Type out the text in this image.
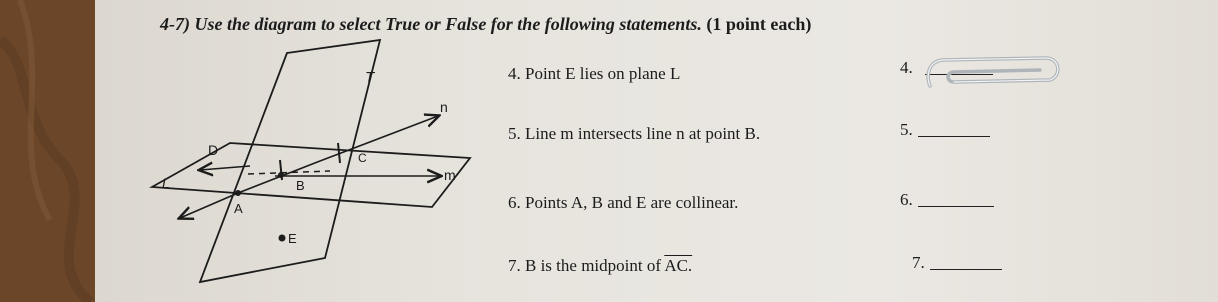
4-7) Use the diagram to select True or False for the following statements. (1 point each)
T
L
n
m
D	C
B
A
E
4. Point E lies on plane L
5. Line m intersects line n at point B.
6. Points A, B and E are collinear.
7. B is the midpoint of AC.
4.
5.
6.
7.
